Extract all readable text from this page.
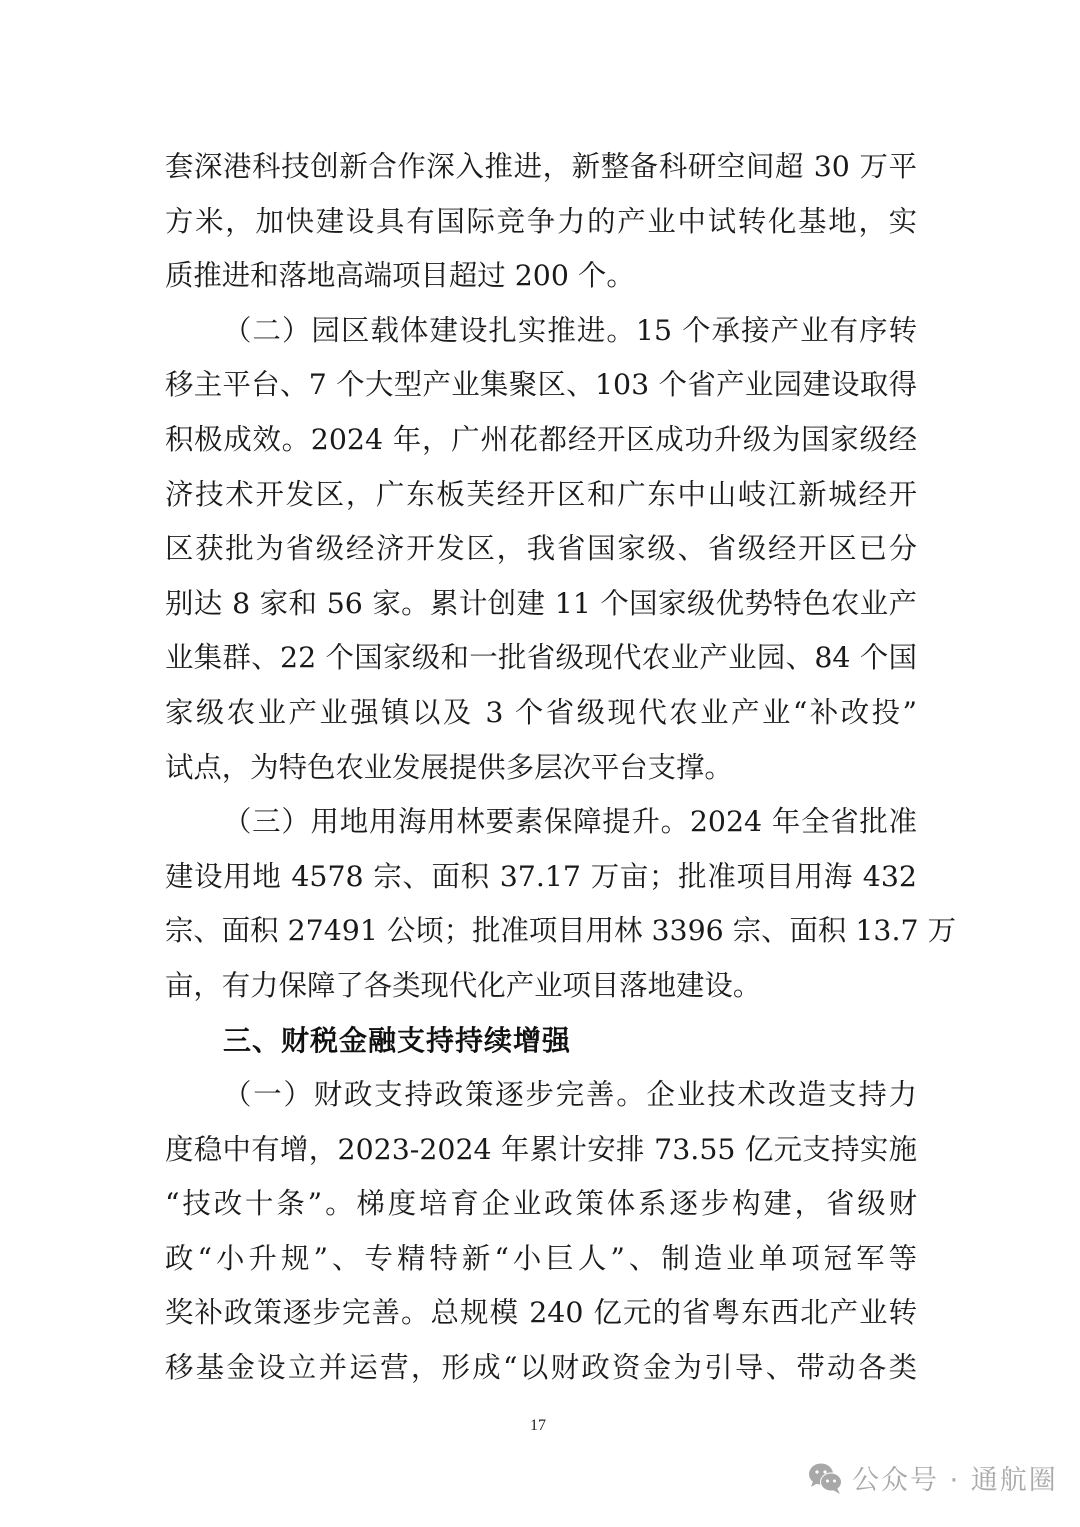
套深港科技创新合作深入推进，新整备科研空间超 30 万平
方米，加快建设具有国际竞争力的产业中试转化基地，实
质推进和落地高端项目超过 200 个。
（二）园区载体建设扎实推进。15 个承接产业有序转
移主平台、7 个大型产业集聚区、103 个省产业园建设取得
积极成效。2024 年，广州花都经开区成功升级为国家级经
济技术开发区，广东板芙经开区和广东中山岐江新城经开
区获批为省级经济开发区，我省国家级、省级经开区已分
别达 8 家和 56 家。累计创建 11 个国家级优势特色农业产
业集群、22 个国家级和一批省级现代农业产业园、84 个国
家级农业产业强镇以及 3 个省级现代农业产业“补改投”
试点，为特色农业发展提供多层次平台支撑。
（三）用地用海用林要素保障提升。2024 年全省批准
建设用地 4578 宗、面积 37.17 万亩；批准项目用海 432
宗、面积 27491 公顷；批准项目用林 3396 宗、面积 13.7 万
亩，有力保障了各类现代化产业项目落地建设。
三、财税金融支持持续增强
（一）财政支持政策逐步完善。企业技术改造支持力
度稳中有增，2023-2024 年累计安排 73.55 亿元支持实施
“技改十条”。梯度培育企业政策体系逐步构建，省级财
政“小升规”、专精特新“小巨人”、制造业单项冠军等
奖补政策逐步完善。总规模 240 亿元的省粤东西北产业转
移基金设立并运营，形成“以财政资金为引导、带动各类
17
公众号 · 通航圈
